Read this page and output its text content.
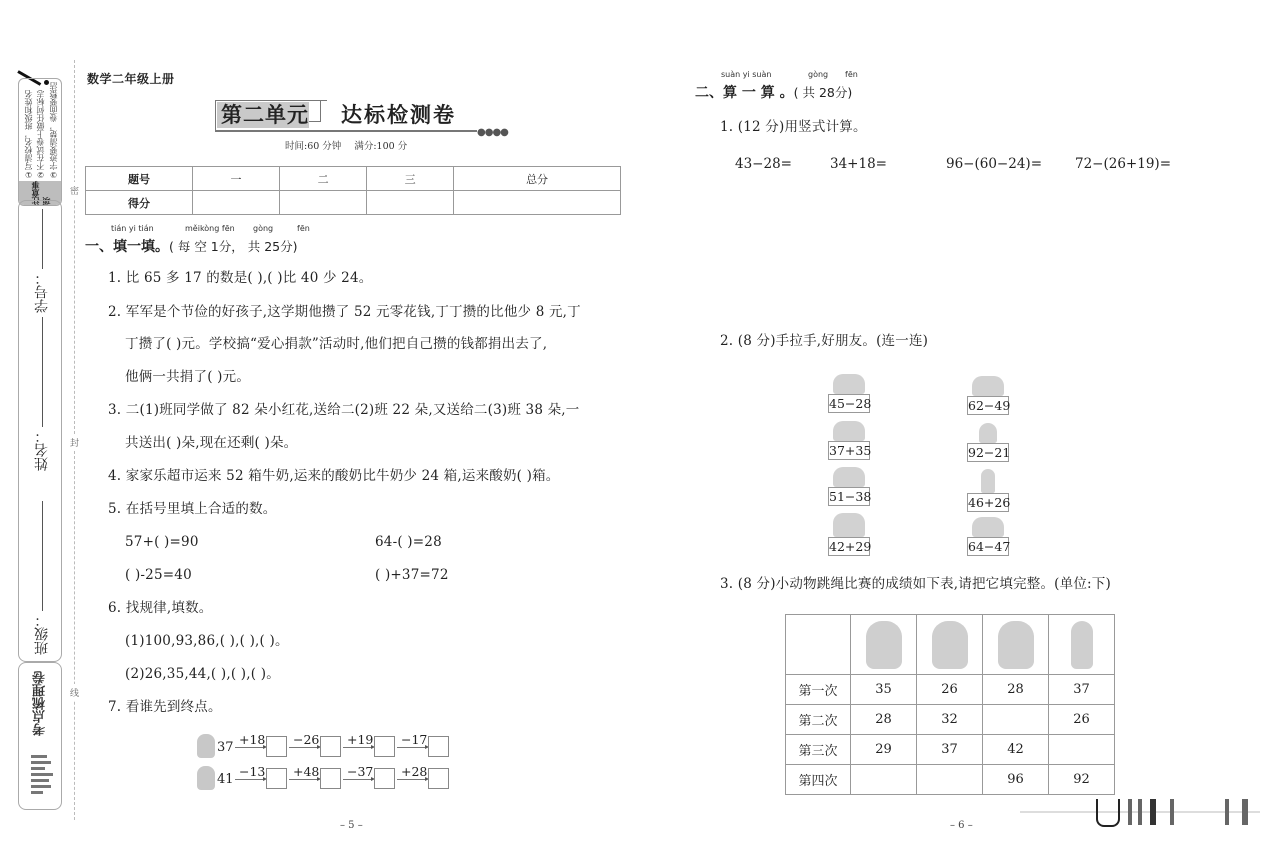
①写清校名，班级和姓名 ②不在试卷上做任何标志 ③字迹要清楚，卷面要整洁
注意事项
班级：
姓名：
学号：
考点梳理卷
密
封
线
数学二年级上册
●●●●
第二单元 达标检测卷
时间:60 分钟 满分:100 分
题号	一	二	三	总分
得分				
tián yi tián	měikòng fēn gòng	fēn
一、填一填。( 每 空 1分， 共 25分)
1. 比 65 多 17 的数是( ),( )比 40 少 24。
2. 军军是个节俭的好孩子,这学期他攒了 52 元零花钱,丁丁攒的比他少 8 元,丁
丁攒了( )元。学校搞“爱心捐款”活动时,他们把自己攒的钱都捐出去了,
他俩一共捐了( )元。
3. 二(1)班同学做了 82 朵小红花,送给二(2)班 22 朵,又送给二(3)班 38 朵,一
共送出( )朵,现在还剩( )朵。
4. 家家乐超市运来 52 箱牛奶,运来的酸奶比牛奶少 24 箱,运来酸奶( )箱。
5. 在括号里填上合适的数。
57+( )=90	64-( )=28
( )-25=40	( )+37=72
6. 找规律,填数。
(1)100,93,86,( ),( ),( )。
(2)26,35,44,( ),( ),( )。
7. 看谁先到终点。
37
+18 −26 +19 −17
41
−13 +48 −37 +28
– 5 –
suàn yi suàn	gòng fēn
二、算 一 算 。( 共 28分)
1. (12 分)用竖式计算。
43−28=	34+18=	96−(60−24)= 72−(26+19)=
2. (8 分)手拉手,好朋友。(连一连)
45−28
37+35
51−38
42+29
62−49
92−21
46+26
64−47
3. (8 分)小动物跳绳比赛的成绩如下表,请把它填完整。(单位:下)

第一次	35	26	28	37
第二次	28	32		26
第三次	29	37	42	
第四次			96	92
– 6 –
